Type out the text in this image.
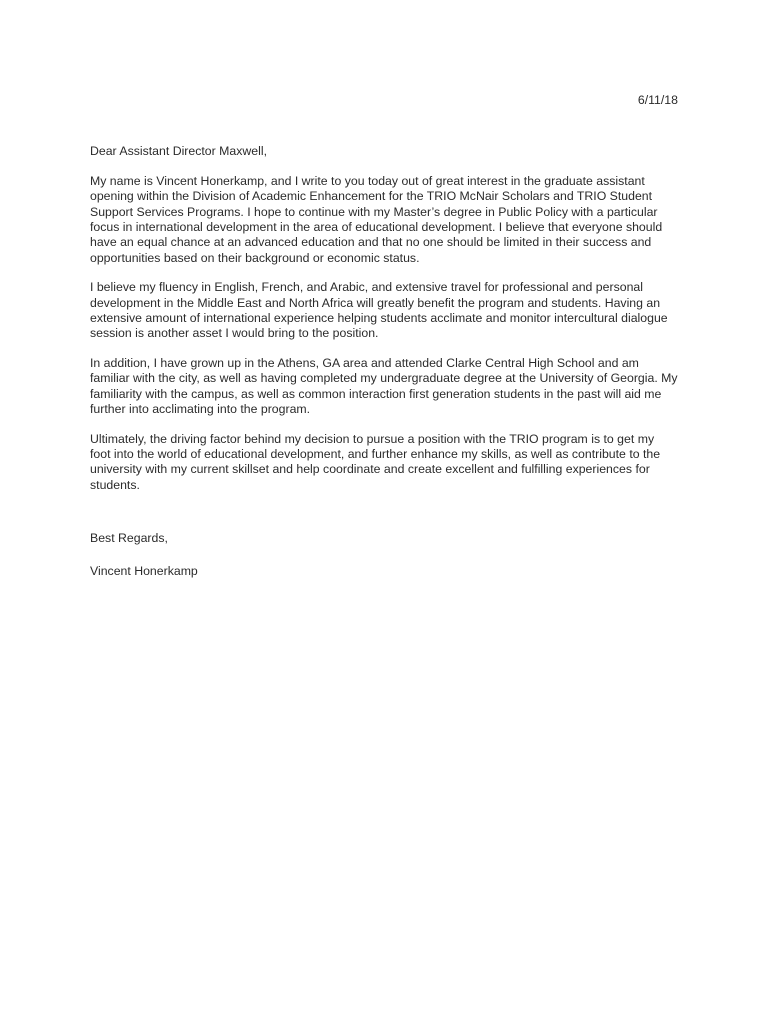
6/11/18

Dear Assistant Director Maxwell,

My name is Vincent Honerkamp, and I write to you today out of great interest in the graduate assistant opening within the Division of Academic Enhancement for the TRIO McNair Scholars and TRIO Student Support Services Programs. I hope to continue with my Master’s degree in Public Policy with a particular focus in international development in the area of educational development. I believe that everyone should have an equal chance at an advanced education and that no one should be limited in their success and opportunities based on their background or economic status.

I believe my fluency in English, French, and Arabic, and extensive travel for professional and personal development in the Middle East and North Africa will greatly benefit the program and students. Having an extensive amount of international experience helping students acclimate and monitor intercultural dialogue session is another asset I would bring to the position.

In addition, I have grown up in the Athens, GA area and attended Clarke Central High School and am familiar with the city, as well as having completed my undergraduate degree at the University of Georgia. My familiarity with the campus, as well as common interaction first generation students in the past will aid me further into acclimating into the program.

Ultimately, the driving factor behind my decision to pursue a position with the TRIO program is to get my foot into the world of educational development, and further enhance my skills, as well as contribute to the university with my current skillset and help coordinate and create excellent and fulfilling experiences for students.

Best Regards,

Vincent Honerkamp
